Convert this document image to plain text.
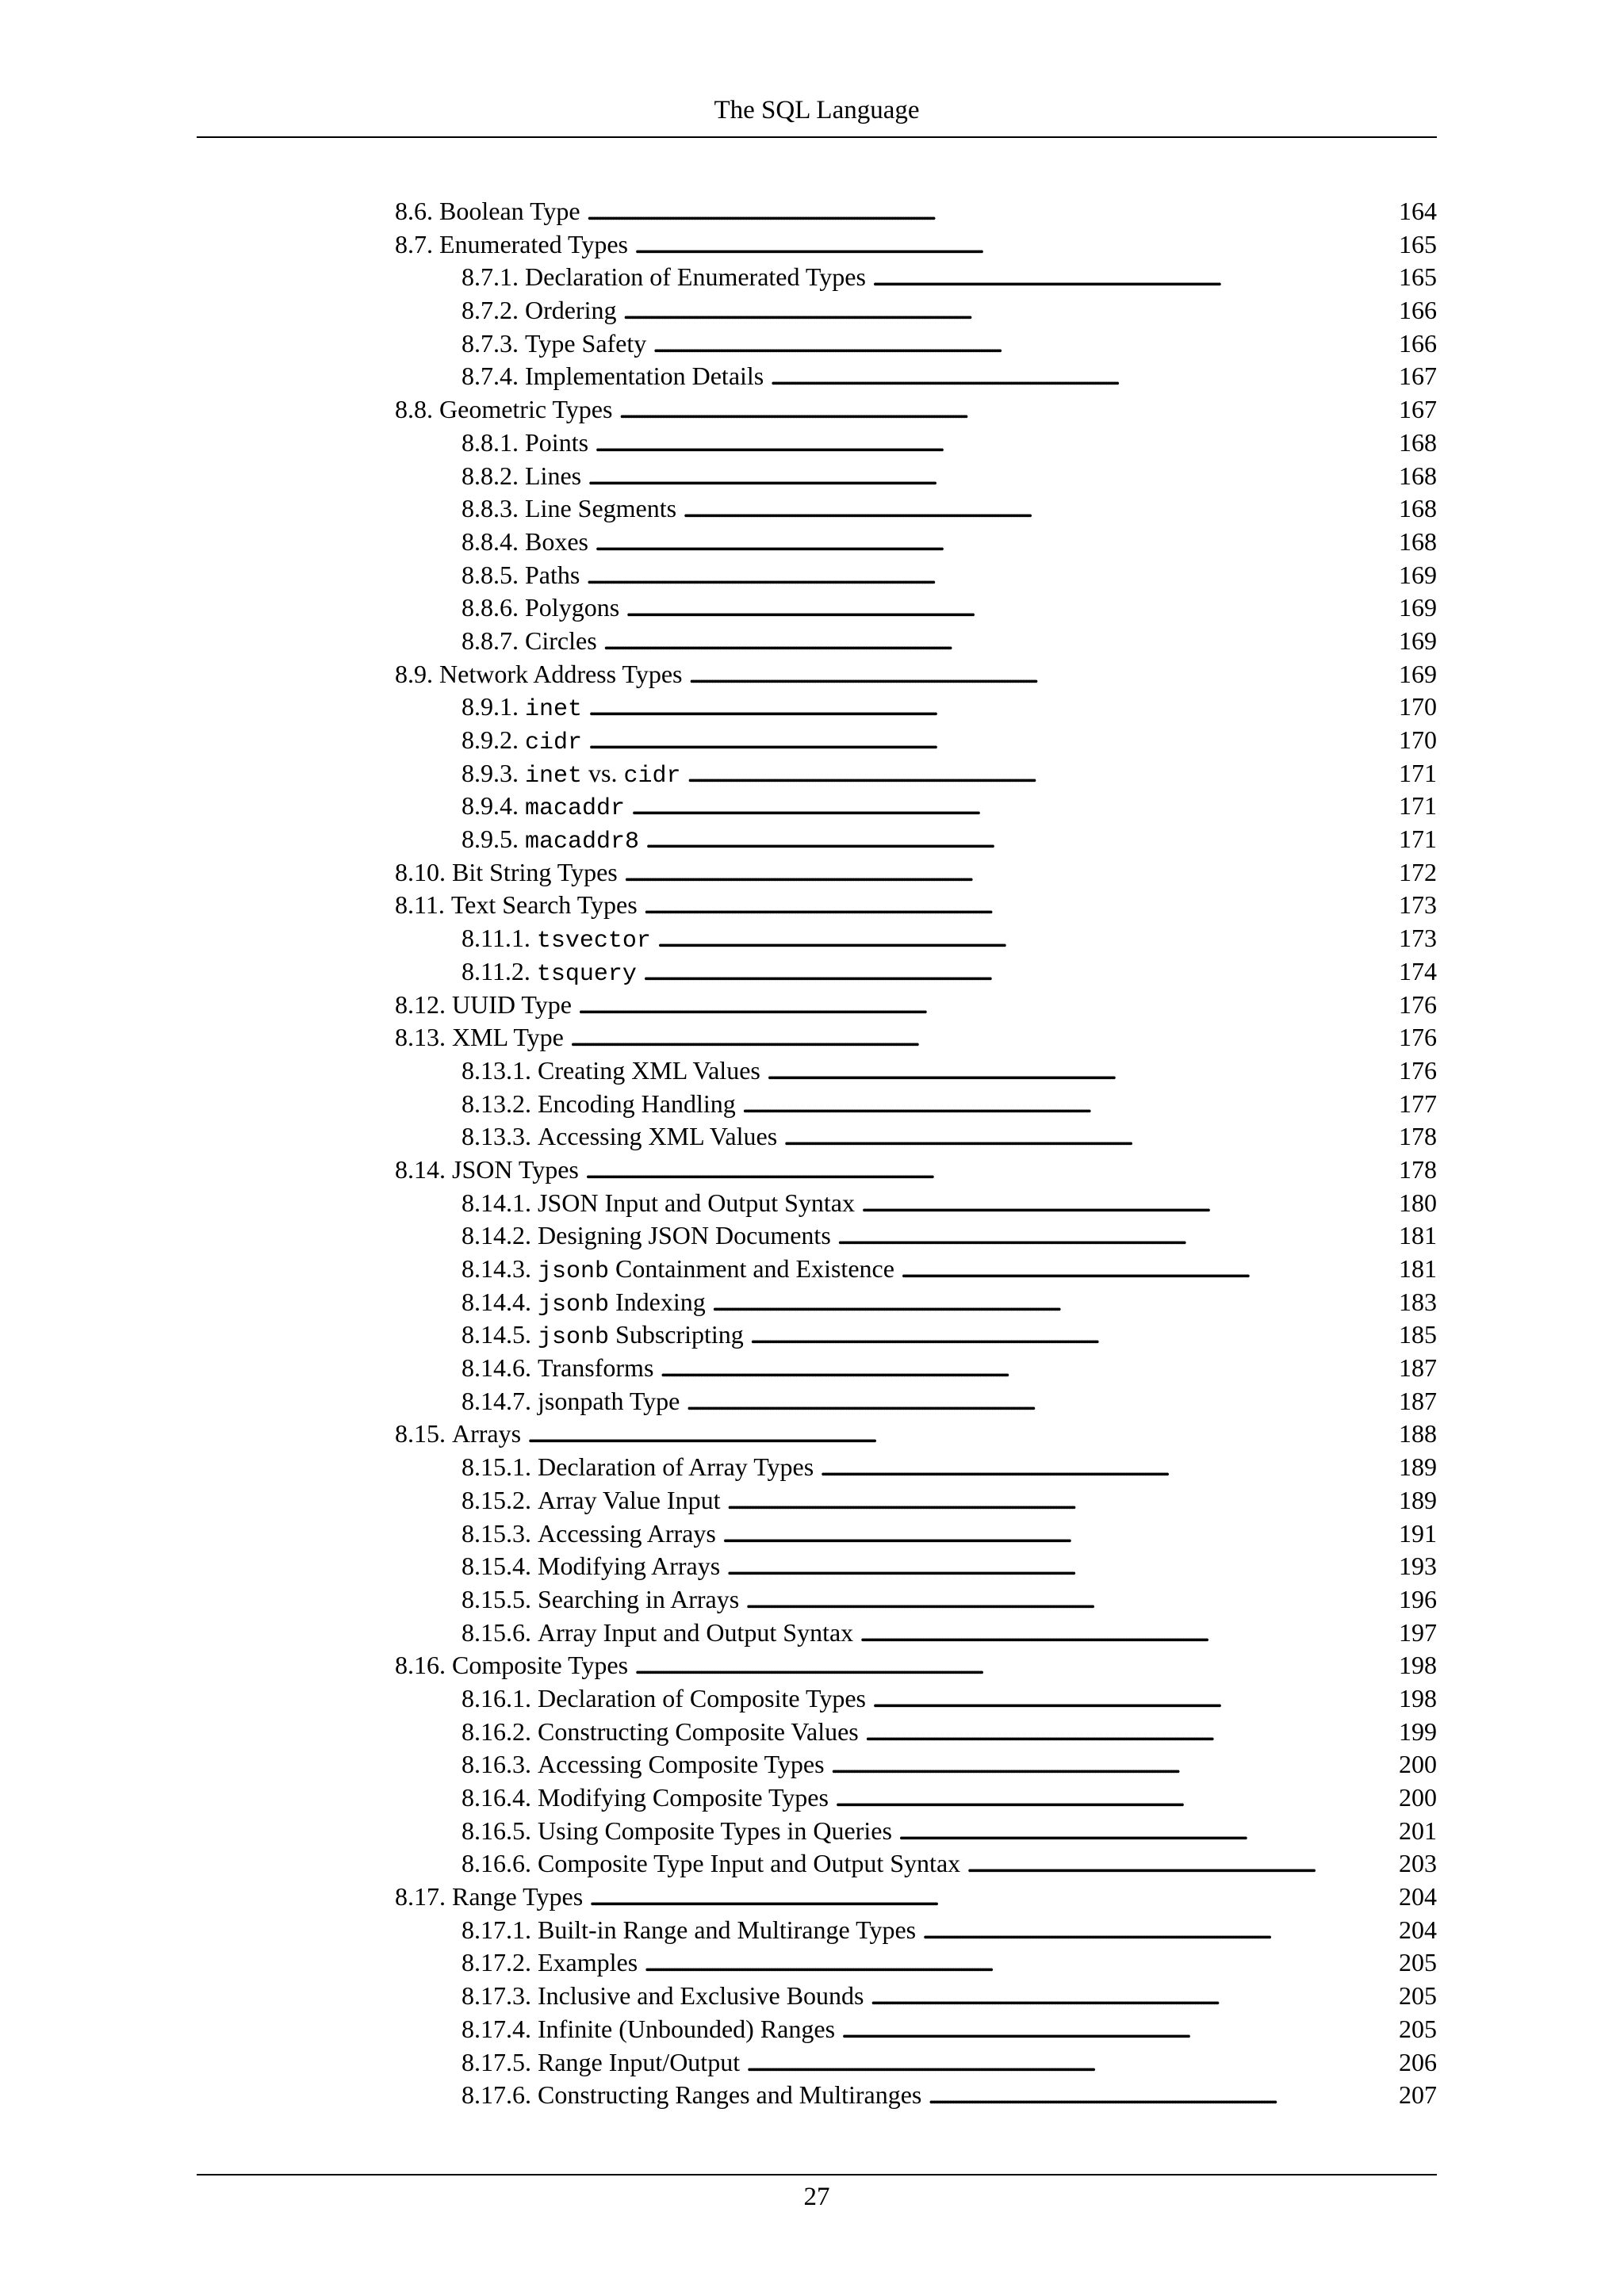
The SQL Language
8.6. Boolean Type . . .	164
8.7. Enumerated Types . . .	165
8.7.1. Declaration of Enumerated Types . . .	165
8.7.2. Ordering . . .	166
8.7.3. Type Safety . . .	166
8.7.4. Implementation Details . . .	167
8.8. Geometric Types . . .	167
8.8.1. Points . . .	168
8.8.2. Lines . . .	168
8.8.3. Line Segments . . .	168
8.8.4. Boxes . . .	168
8.8.5. Paths . . .	169
8.8.6. Polygons . . .	169
8.8.7. Circles . . .	169
8.9. Network Address Types . . .	169
8.9.1. inet . . .	170
8.9.2. cidr . . .	170
8.9.3. inet vs. cidr . . .	171
8.9.4. macaddr . . .	171
8.9.5. macaddr8 . . .	171
8.10. Bit String Types . . .	172
8.11. Text Search Types . . .	173
8.11.1. tsvector . . .	173
8.11.2. tsquery . . .	174
8.12. UUID Type . . .	176
8.13. XML Type . . .	176
8.13.1. Creating XML Values . . .	176
8.13.2. Encoding Handling . . .	177
8.13.3. Accessing XML Values . . .	178
8.14. JSON Types . . .	178
8.14.1. JSON Input and Output Syntax . . .	180
8.14.2. Designing JSON Documents . . .	181
8.14.3. jsonb Containment and Existence . . .	181
8.14.4. jsonb Indexing . . .	183
8.14.5. jsonb Subscripting . . .	185
8.14.6. Transforms . . .	187
8.14.7. jsonpath Type . . .	187
8.15. Arrays . . .	188
8.15.1. Declaration of Array Types . . .	189
8.15.2. Array Value Input . . .	189
8.15.3. Accessing Arrays . . .	191
8.15.4. Modifying Arrays . . .	193
8.15.5. Searching in Arrays . . .	196
8.15.6. Array Input and Output Syntax . . .	197
8.16. Composite Types . . .	198
8.16.1. Declaration of Composite Types . . .	198
8.16.2. Constructing Composite Values . . .	199
8.16.3. Accessing Composite Types . . .	200
8.16.4. Modifying Composite Types . . .	200
8.16.5. Using Composite Types in Queries . . .	201
8.16.6. Composite Type Input and Output Syntax . . .	203
8.17. Range Types . . .	204
8.17.1. Built-in Range and Multirange Types . . .	204
8.17.2. Examples . . .	205
8.17.3. Inclusive and Exclusive Bounds . . .	205
8.17.4. Infinite (Unbounded) Ranges . . .	205
8.17.5. Range Input/Output . . .	206
8.17.6. Constructing Ranges and Multiranges . . .	207
27
